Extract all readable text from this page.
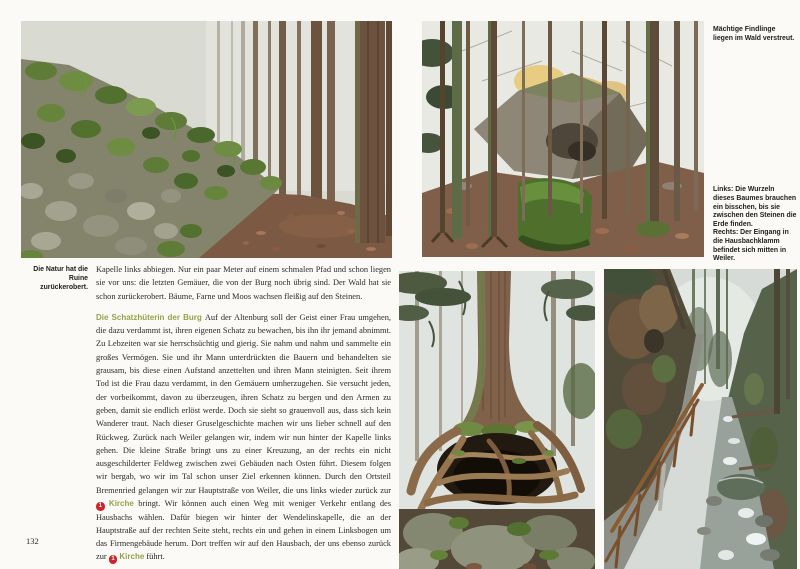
Die Natur hat die Ruine zurückerobert.

Kapelle links abbiegen. Nur ein paar Meter auf einem schmalen Pfad und schon liegen sie vor uns: die letzten Gemäuer, die von der Burg noch übrig sind. Der Wald hat sie schon zurückerobert. Bäume, Farne und Moos wachsen fleißig auf den Steinen.

Die Schatzhüterin der Burg Auf der Altenburg soll der Geist einer Frau umgehen, die dazu verdammt ist, ihren eigenen Schatz zu bewachen, bis ihn ihr jemand abnimmt. Zu Lebzeiten war sie herrschsüchtig und gierig. Sie nahm und nahm und sammelte ein großes Vermögen. Sie und ihr Mann unterdrückten die Bauern und behandelten sie grausam, bis diese einen Aufstand anzettelten und ihren Mann steinigten. Seit ihrem Tod ist die Frau dazu verdammt, in den Gemäuern umherzugehen. Sie versucht jeden, der vorbeikommt, davon zu überzeugen, ihren Schatz zu bergen und den Armen zu geben, damit sie endlich erlöst werde. Doch sie sieht so grauenvoll aus, dass sich kein Wanderer traut. Nach dieser Gruselgeschichte machen wir uns lieber schnell auf den Rückweg. Zurück nach Weiler gelangen wir, indem wir nun hinter der Kapelle links gehen. Die kleine Straße bringt uns zu einer Kreuzung, an der rechts ein nicht ausgeschilderter Feldweg zwischen zwei Gebäuden nach Osten führt. Diesem folgen wir bergab, wo wir im Tal schon unser Ziel erkennen können. Durch den Ortsteil Bremenried gelangen wir zur Hauptstraße von Weiler, die uns links wieder zurück zur 1 Kirche bringt. Wir können auch einen Weg mit weniger Verkehr entlang des Hausbachs wählen. Dafür biegen wir hinter der Wendelinskapelle, die an der Hauptstraße auf der rechten Seite steht, rechts ein und gehen in einem Linksbogen um das Firmengebäude herum. Dort treffen wir auf den Hausbach, der uns ebenso zurück zur 1 Kirche führt.

Mächtige Findlinge liegen im Wald verstreut.
Links: Die Wurzeln dieses Baumes brauchen ein bisschen, bis sie zwischen den Steinen die Erde finden.
Rechts: Der Eingang in die Hausbachklamm befindet sich mitten in Weiler.
132
